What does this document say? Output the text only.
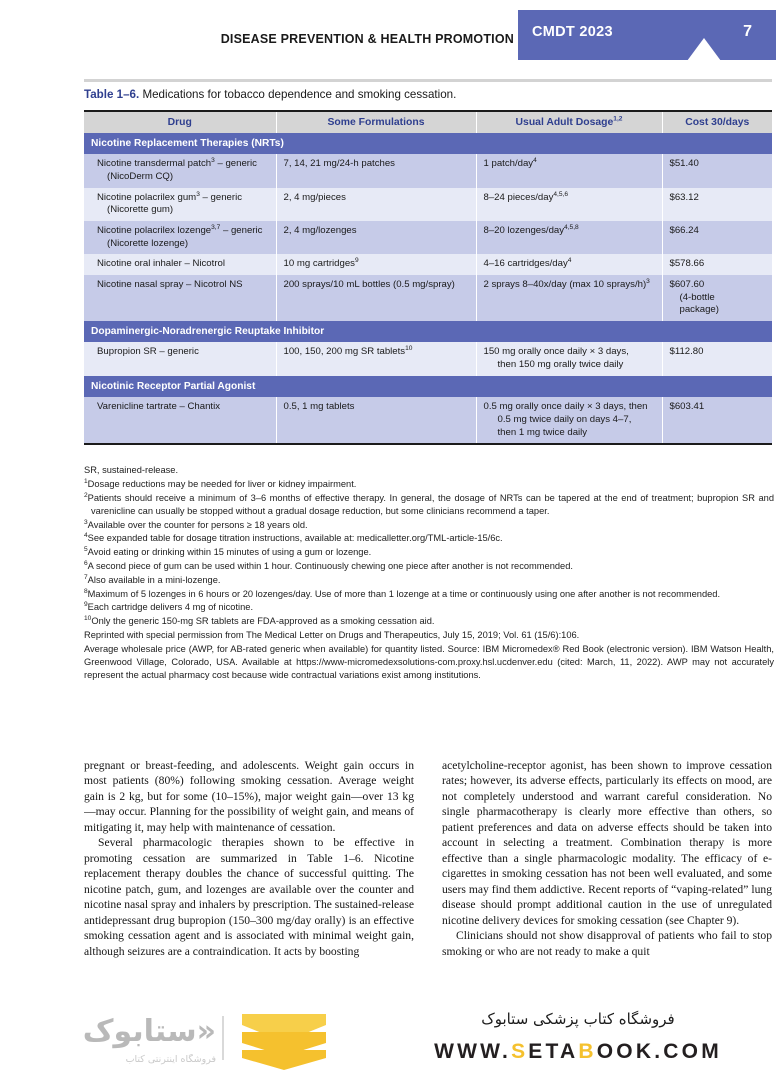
DISEASE PREVENTION & HEALTH PROMOTION CMDT 2023	7
Table 1–6. Medications for tobacco dependence and smoking cessation.

Drug	Some Formulations	Usual Adult Dosage$^{1,2}$	Cost 30/days
Nicotine Replacement Therapies (NRTs)			

Nicotine transdermal patch$^3$ – generic (NicoDerm CQ)	7, 14, 21 mg/24-h patches	1 patch/day$^4$	$51.40

Nicotine polacrilex gum$^3$ – generic (Nicorette gum)	2, 4 mg/pieces	8–24 pieces/day$^{4,5,6}$	$63.12

Nicotine polacrilex lozenge$^{3,7}$ – generic (Nicorette lozenge)	2, 4 mg/lozenges	8–20 lozenges/day$^{4,5,8}$	$66.24

Nicotine oral inhaler – Nicotrol	10 mg cartridges$^9$	4–16 cartridges/day$^4$	$578.66

Nicotine nasal spray – Nicotrol NS	200 sprays/10 mL bottles (0.5 mg/spray)	2 sprays 8–40x/day (max 10 sprays/h)$^3$	$607.60
(4-bottle
package)
Dopaminergic-Noradrenergic Reuptake Inhibitor			

Bupropion SR – generic	100, 150, 200 mg SR tablets$^{10}$	150 mg orally once daily × 3 days,
then 150 mg orally twice daily	$112.80
Nicotinic Receptor Partial Agonist			

Varenicline tartrate – Chantix	0.5, 1 mg tablets	0.5 mg orally once daily × 3 days, then
0.5 mg twice daily on days 4–7,
then 1 mg twice daily	$603.41

SR, sustained-release.

$^1$Dosage reductions may be needed for liver or kidney impairment.

$^2$Patients should receive a minimum of 3–6 months of effective therapy. In general, the dosage of NRTs can be tapered at the end of treatment; bupropion SR and varenicline can usually be stopped without a gradual dosage reduction, but some clinicians recommend a taper.

$^3$Available over the counter for persons ≥ 18 years old.

$^4$See expanded table for dosage titration instructions, available at: medicalletter.org/TML-article-15/6c.

$^5$Avoid eating or drinking within 15 minutes of using a gum or lozenge.

$^6$A second piece of gum can be used within 1 hour. Continuously chewing one piece after another is not recommended.

$^7$Also available in a mini-lozenge.

$^8$Maximum of 5 lozenges in 6 hours or 20 lozenges/day. Use of more than 1 lozenge at a time or continuously using one after another is not recommended.

$^9$Each cartridge delivers 4 mg of nicotine.

$^{10}$Only the generic 150-mg SR tablets are FDA-approved as a smoking cessation aid.

Reprinted with special permission from The Medical Letter on Drugs and Therapeutics, July 15, 2019; Vol. 61 (15/6):106.

Average wholesale price (AWP, for AB-rated generic when available) for quantity listed. Source: IBM Micromedex® Red Book (electronic version). IBM Watson Health, Greenwood Village, Colorado, USA. Available at https://www-micromedexsolutions-com.proxy.hsl.ucdenver.edu (cited: March, 11, 2022). AWP may not accurately represent the actual pharmacy cost because wide contractual variations exist among institutions.

pregnant or breast-feeding, and adolescents. Weight gain occurs in most patients (80%) following smoking cessation. Average weight gain is 2 kg, but for some (10–15%), major weight gain—over 13 kg—may occur. Planning for the possibility of weight gain, and means of mitigating it, may help with maintenance of cessation.

Several pharmacologic therapies shown to be effective in promoting cessation are summarized in Table 1–6. Nicotine replacement therapy doubles the chance of successful quitting. The nicotine patch, gum, and lozenges are available over the counter and nicotine nasal spray and inhalers by prescription. The sustained-release antidepressant drug bupropion (150–300 mg/day orally) is an effective smoking cessation agent and is associated with minimal weight gain, although seizures are a contraindication. It acts by boosting

acetylcholine-receptor agonist, has been shown to improve cessation rates; however, its adverse effects, particularly its effects on mood, are not completely understood and warrant careful consideration. No single pharmacotherapy is clearly more effective than others, so patient preferences and data on adverse effects should be taken into account in selecting a treatment. Combination therapy is more effective than a single pharmacologic modality. The efficacy of e-cigarettes in smoking cessation has not been well evaluated, and some users may find them addictive. Recent reports of “vaping-related” lung disease should prompt additional caution in the use of unregulated nicotine delivery devices for smoking cessation (see Chapter 9).

Clinicians should not show disapproval of patients who fail to stop smoking or who are not ready to make a quit

«ستابوک
فروشگاه اینترنتی کتاب
فروشگاه کتاب پزشکی ستابوک
WWW.SETABOOK.COM
